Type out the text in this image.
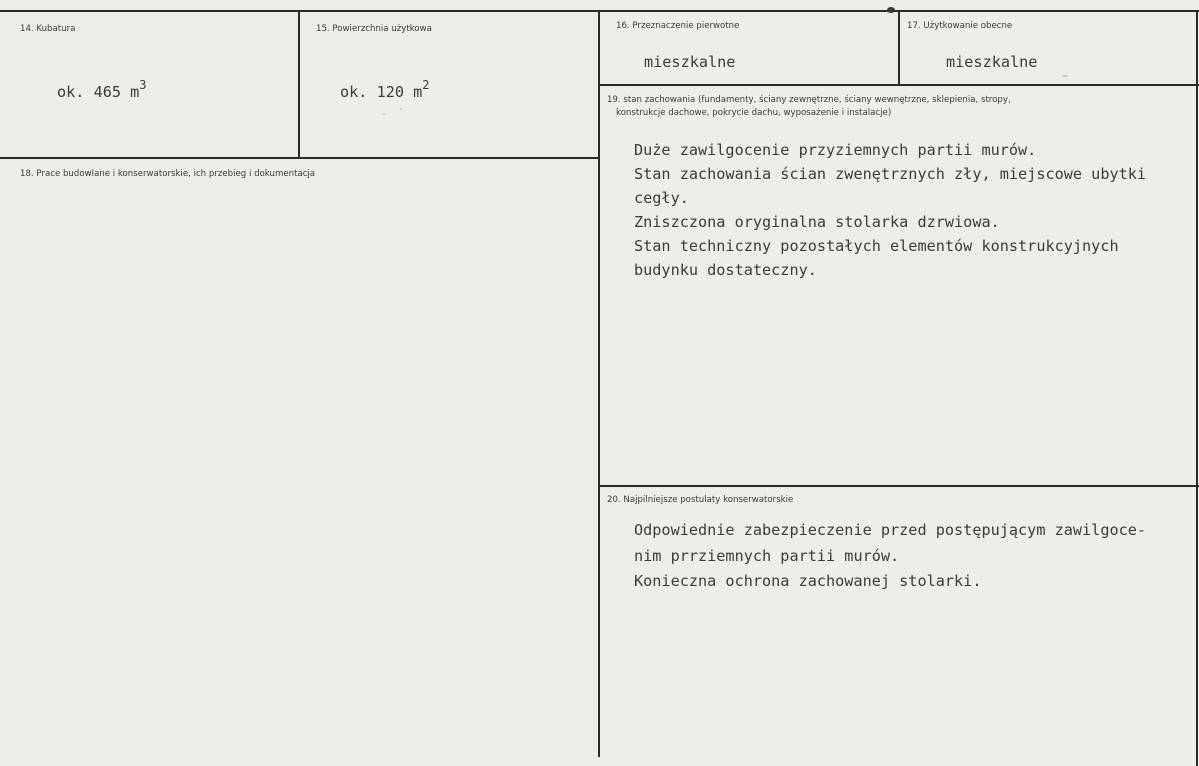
14. Kubatura
ok. 465 $m^3$
15. Powierzchnia użytkowa
ok. 120 $m^2$
16. Przeznaczenie pierwotne
mieszkalne
17. Użytkowanie obecne
mieszkalne
18. Prace budowlane i konserwatorskie, ich przebieg i dokumentacja
19. stan zachowania (fundamenty, ściany zewnętrzne, ściany wewnętrzne, sklepienia, stropy,
konstrukcje dachowe, pokrycie dachu, wyposażenie i instalacje)
Duże zawilgocenie przyziemnych partii murów.
Stan zachowania ścian zwenętrznych zły, miejscowe ubytki
cegły.
Zniszczona oryginalna stolarka dzrwiowa.
Stan techniczny pozostałych elementów konstrukcyjnych
budynku dostateczny.
20. Najpilniejsze postulaty konserwatorskie
Odpowiednie zabezpieczenie przed postępującym zawilgoce-
nim prrziemnych partii murów.
Konieczna ochrona zachowanej stolarki.
